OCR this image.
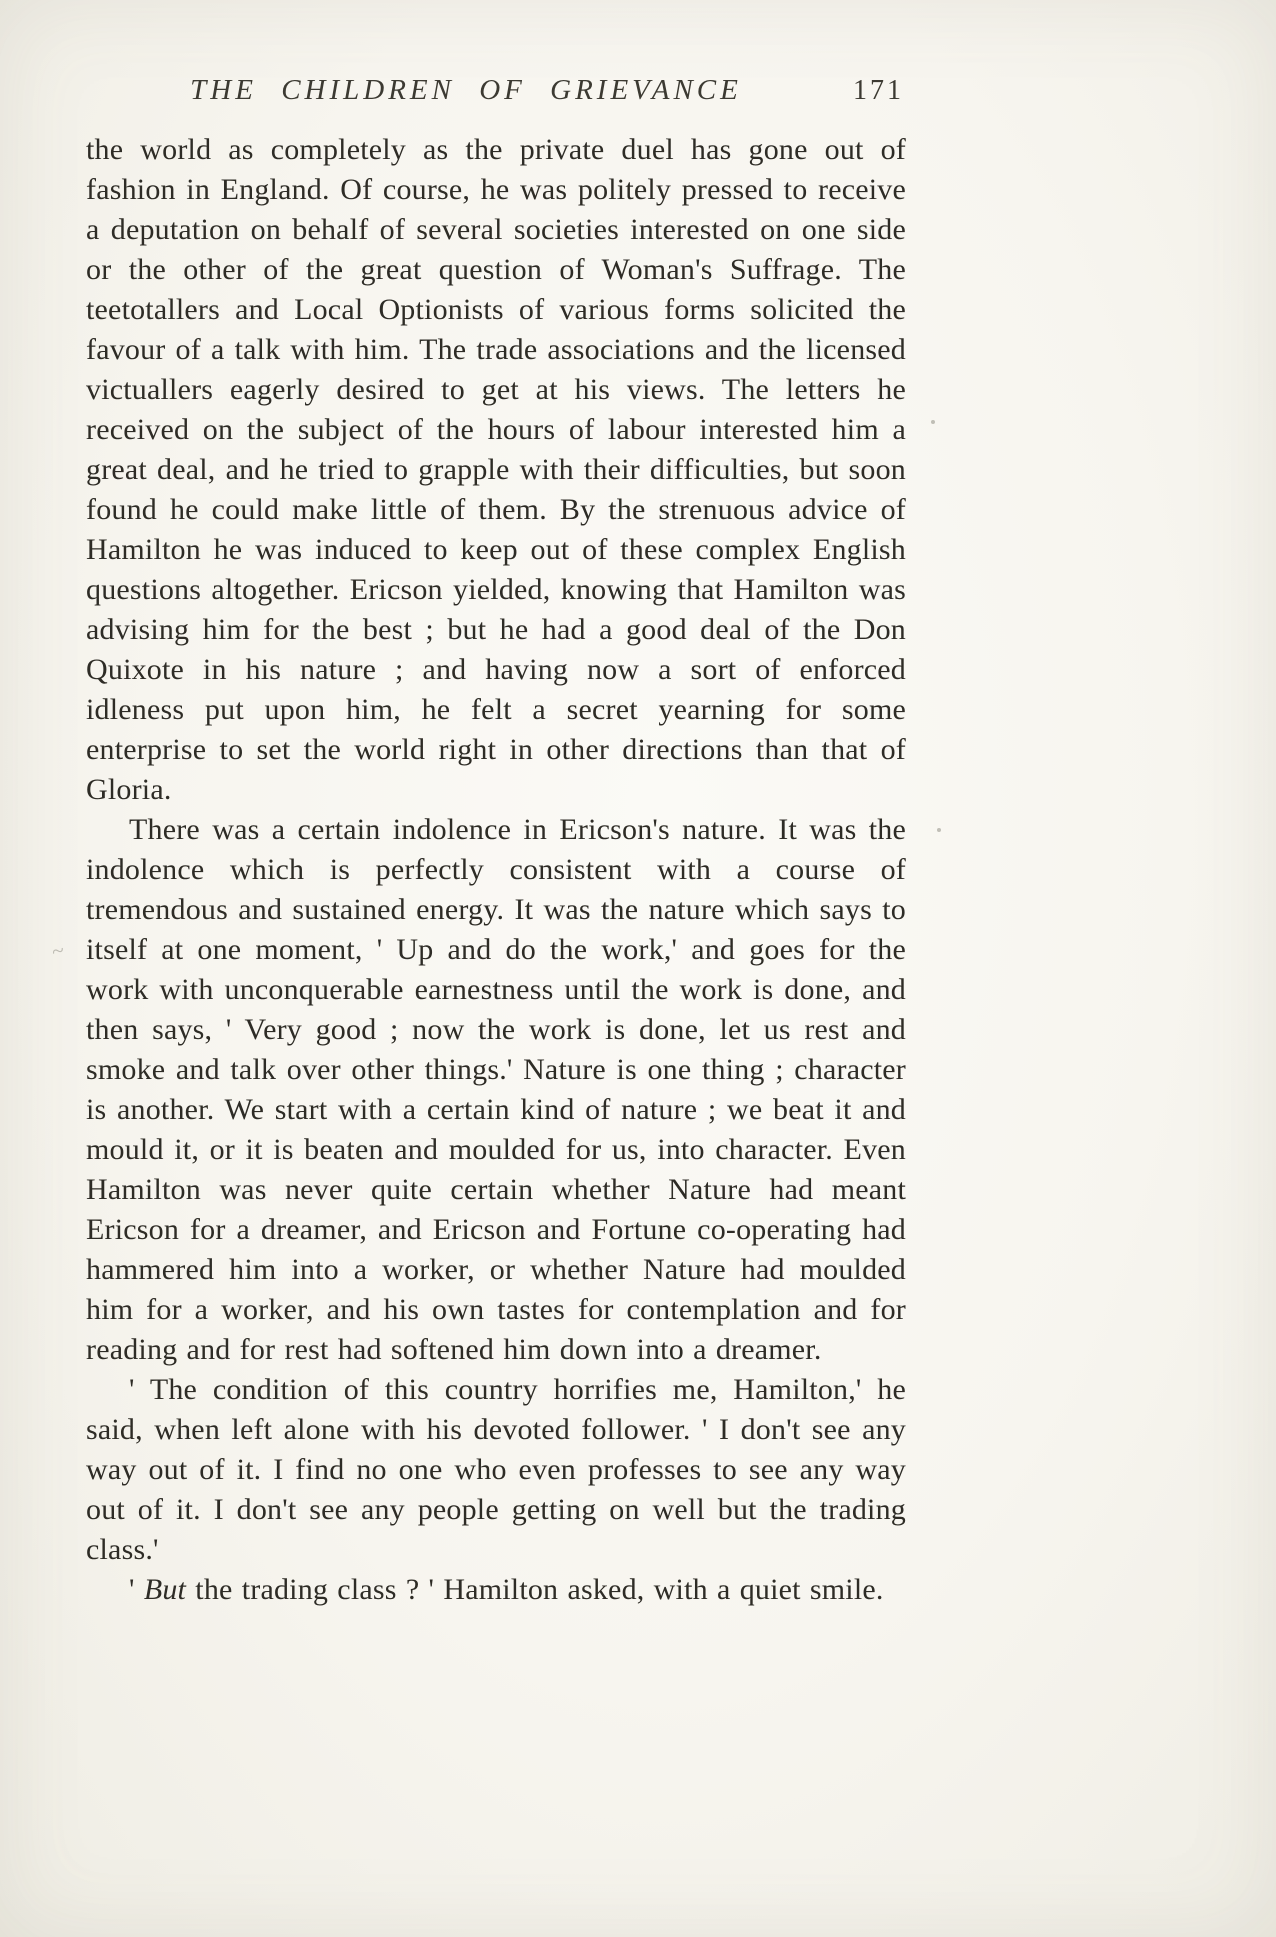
THE CHILDREN OF GRIEVANCE	171

the world as completely as the private duel has gone out of fashion in England. Of course, he was politely pressed to receive a deputation on behalf of several societies interested on one side or the other of the great question of Woman's Suffrage. The teetotallers and Local Optionists of various forms solicited the favour of a talk with him. The trade associations and the licensed victuallers eagerly desired to get at his views. The letters he received on the subject of the hours of labour interested him a great deal, and he tried to grapple with their difficulties, but soon found he could make little of them. By the strenuous advice of Hamilton he was induced to keep out of these complex English questions altogether. Ericson yielded, knowing that Hamilton was advising him for the best ; but he had a good deal of the Don Quixote in his nature ; and having now a sort of enforced idleness put upon him, he felt a secret yearning for some enterprise to set the world right in other directions than that of Gloria.

There was a certain indolence in Ericson's nature. It was the indolence which is perfectly consistent with a course of tremendous and sustained energy. It was the nature which says to itself at one moment, ' Up and do the work,' and goes for the work with unconquerable earnestness until the work is done, and then says, ' Very good ; now the work is done, let us rest and smoke and talk over other things.' Nature is one thing ; character is another. We start with a certain kind of nature ; we beat it and mould it, or it is beaten and moulded for us, into character. Even Hamilton was never quite certain whether Nature had meant Ericson for a dreamer, and Ericson and Fortune co-operating had hammered him into a worker, or whether Nature had moulded him for a worker, and his own tastes for contemplation and for reading and for rest had softened him down into a dreamer.

' The condition of this country horrifies me, Hamilton,' he said, when left alone with his devoted follower. ' I don't see any way out of it. I find no one who even professes to see any way out of it. I don't see any people getting on well but the trading class.'

' But the trading class ? ' Hamilton asked, with a quiet smile.

~
